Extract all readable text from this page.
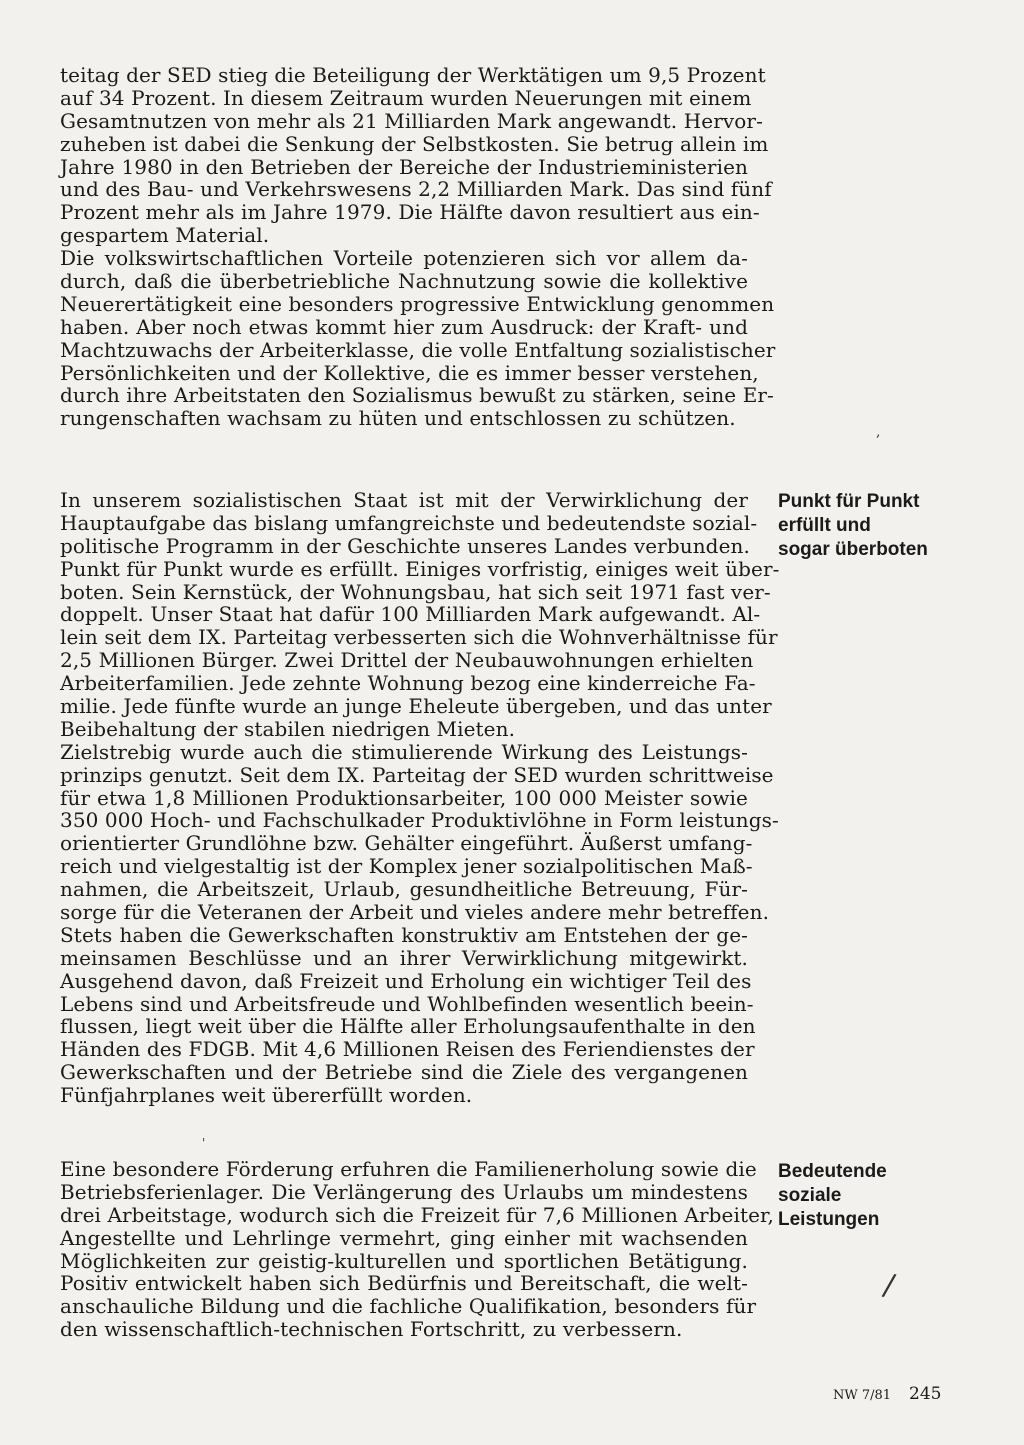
teitag der SED stieg die Beteiligung der Werktätigen um 9,5 Prozent
auf 34 Prozent. In diesem Zeitraum wurden Neuerungen mit einem
Gesamtnutzen von mehr als 21 Milliarden Mark angewandt. Hervor-
zuheben ist dabei die Senkung der Selbstkosten. Sie betrug allein im
Jahre 1980 in den Betrieben der Bereiche der Industrieministerien
und des Bau- und Verkehrswesens 2,2 Milliarden Mark. Das sind fünf
Prozent mehr als im Jahre 1979. Die Hälfte davon resultiert aus ein-
gespartem Material.
Die volkswirtschaftlichen Vorteile potenzieren sich vor allem da-
durch, daß die überbetriebliche Nachnutzung sowie die kollektive
Neuerertätigkeit eine besonders progressive Entwicklung genommen
haben. Aber noch etwas kommt hier zum Ausdruck: der Kraft- und
Machtzuwachs der Arbeiterklasse, die volle Entfaltung sozialistischer
Persönlichkeiten und der Kollektive, die es immer besser verstehen,
durch ihre Arbeitstaten den Sozialismus bewußt zu stärken, seine Er-
rungenschaften wachsam zu hüten und entschlossen zu schützen.
In unserem sozialistischen Staat ist mit der Verwirklichung der
Hauptaufgabe das bislang umfangreichste und bedeutendste sozial-
politische Programm in der Geschichte unseres Landes verbunden.
Punkt für Punkt wurde es erfüllt. Einiges vorfristig, einiges weit über-
boten. Sein Kernstück, der Wohnungsbau, hat sich seit 1971 fast ver-
doppelt. Unser Staat hat dafür 100 Milliarden Mark aufgewandt. Al-
lein seit dem IX. Parteitag verbesserten sich die Wohnverhältnisse für
2,5 Millionen Bürger. Zwei Drittel der Neubauwohnungen erhielten
Arbeiterfamilien. Jede zehnte Wohnung bezog eine kinderreiche Fa-
milie. Jede fünfte wurde an junge Eheleute übergeben, und das unter
Beibehaltung der stabilen niedrigen Mieten.
Zielstrebig wurde auch die stimulierende Wirkung des Leistungs-
prinzips genutzt. Seit dem IX. Parteitag der SED wurden schrittweise
für etwa 1,8 Millionen Produktionsarbeiter, 100 000 Meister sowie
350 000 Hoch- und Fachschulkader Produktivlöhne in Form leistungs-
orientierter Grundlöhne bzw. Gehälter eingeführt. Äußerst umfang-
reich und vielgestaltig ist der Komplex jener sozialpolitischen Maß-
nahmen, die Arbeitszeit, Urlaub, gesundheitliche Betreuung, Für-
sorge für die Veteranen der Arbeit und vieles andere mehr betreffen.
Stets haben die Gewerkschaften konstruktiv am Entstehen der ge-
meinsamen Beschlüsse und an ihrer Verwirklichung mitgewirkt.
Ausgehend davon, daß Freizeit und Erholung ein wichtiger Teil des
Lebens sind und Arbeitsfreude und Wohlbefinden wesentlich beein-
flussen, liegt weit über die Hälfte aller Erholungsaufenthalte in den
Händen des FDGB. Mit 4,6 Millionen Reisen des Feriendienstes der
Gewerkschaften und der Betriebe sind die Ziele des vergangenen
Fünfjahrplanes weit übererfüllt worden.
Eine besondere Förderung erfuhren die Familienerholung sowie die
Betriebsferienlager. Die Verlängerung des Urlaubs um mindestens
drei Arbeitstage, wodurch sich die Freizeit für 7,6 Millionen Arbeiter,
Angestellte und Lehrlinge vermehrt, ging einher mit wachsenden
Möglichkeiten zur geistig-kulturellen und sportlichen Betätigung.
Positiv entwickelt haben sich Bedürfnis und Bereitschaft, die welt-
anschauliche Bildung und die fachliche Qualifikation, besonders für
den wissenschaftlich-technischen Fortschritt, zu verbessern.
Punkt für Punkt
erfüllt und
sogar überboten
Bedeutende
soziale
Leistungen
,
/
'
NW 7/81 245
